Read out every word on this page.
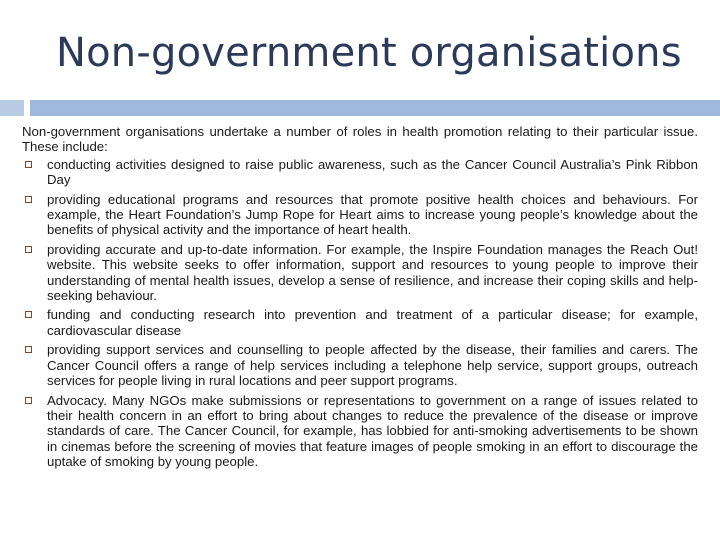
Non-government organisations

Non-government organisations undertake a number of roles in health promotion relating to their particular issue. These include:

conducting activities designed to raise public awareness, such as the Cancer Council Australia’s Pink Ribbon Day
providing educational programs and resources that promote positive health choices and behaviours. For example, the Heart Foundation’s Jump Rope for Heart aims to increase young people’s knowledge about the benefits of physical activity and the importance of heart health.
providing accurate and up-to-date information. For example, the Inspire Foundation manages the Reach Out! website. This website seeks to offer information, support and resources to young people to improve their understanding of mental health issues, develop a sense of resilience, and increase their coping skills and help-seeking behaviour.
funding and conducting research into prevention and treatment of a particular disease; for example, cardiovascular disease
providing support services and counselling to people affected by the disease, their families and carers. The Cancer Council offers a range of help services including a telephone help service, support groups, outreach services for people living in rural locations and peer support programs.
Advocacy. Many NGOs make submissions or representations to government on a range of issues related to their health concern in an effort to bring about changes to reduce the prevalence of the disease or improve standards of care. The Cancer Council, for example, has lobbied for anti-smoking advertisements to be shown in cinemas before the screening of movies that feature images of people smoking in an effort to discourage the uptake of smoking by young people.
